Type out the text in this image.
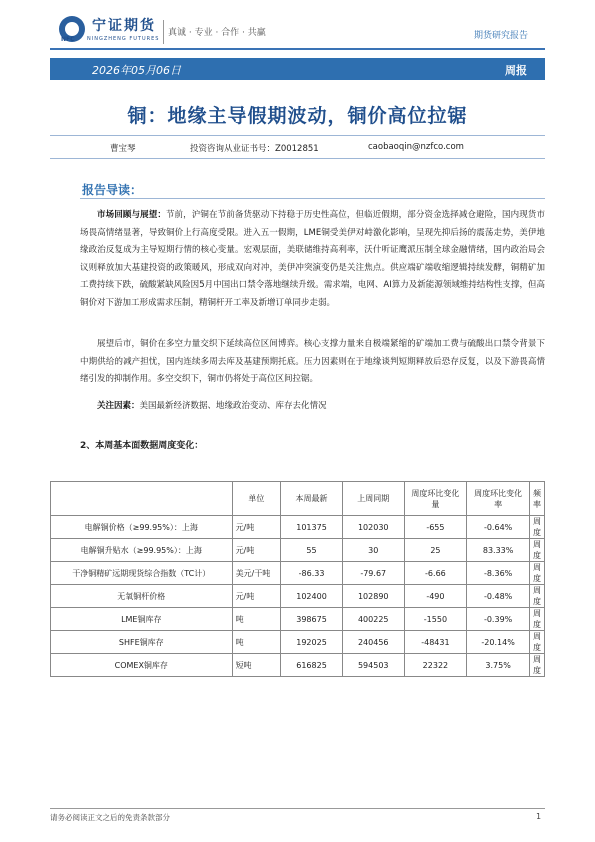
宁证期货
NFC NINGZHENG FUTURES
真诚 · 专业 · 合作 · 共赢	期货研究报告
2026年05月06日	周报
铜：地缘主导假期波动，铜价高位拉锯
曹宝琴	投资咨询从业证书号：Z0012851	caobaoqin@nzfco.com
报告导读：
市场回顾与展望：节前，沪铜在节前备货驱动下持稳于历史性高位，但临近假期，部分资金选择减仓避险，国内现货市场畏高情绪显著，导致铜价上行高度受限。进入五一假期，LME铜受美伊对峙激化影响，呈现先抑后扬的震荡走势，美伊地缘政治反复成为主导短期行情的核心变量。宏观层面，美联储维持高利率，沃什听证鹰派压制全球金融情绪，国内政治局会议则释放加大基建投资的政策暖风，形成双向对冲，美伊冲突演变仍是关注焦点。供应端矿端收缩逻辑持续发酵，铜精矿加工费持续下跌，硫酸紧缺风险因5月中国出口禁令落地继续升级。需求端，电网、AI算力及新能源领域维持结构性支撑，但高铜价对下游加工形成需求压制，精铜杆开工率及新增订单同步走弱。
展望后市，铜价在多空力量交织下延续高位区间博弈。核心支撑力量来自极端紧缩的矿端加工费与硫酸出口禁令背景下中期供给的减产担忧，国内连续多周去库及基建预期托底。压力因素则在于地缘谈判短期释放后恐存反复，以及下游畏高情绪引发的抑制作用。多空交织下，铜市仍将处于高位区间拉锯。
关注因素：美国最新经济数据、地缘政治变动、库存去化情况
2、本周基本面数据周度变化：
	单位	本周最新	上周同期	周度环比变化量	周度环比变化率	频率
电解铜价格（≥99.95%）：上海	元/吨	101375	102030	-655	-0.64%	周度
电解铜升贴水（≥99.95%）：上海	元/吨	55	30	25	83.33%	周度
干净铜精矿远期现货综合指数（TC计）	美元/干吨	-86.33	-79.67	-6.66	-8.36%	周度
无氧铜杆价格	元/吨	102400	102890	-490	-0.48%	周度
LME铜库存	吨	398675	400225	-1550	-0.39%	周度
SHFE铜库存	吨	192025	240456	-48431	-20.14%	周度
COMEX铜库存	短吨	616825	594503	22322	3.75%	周度
请务必阅读正文之后的免责条款部分	1
